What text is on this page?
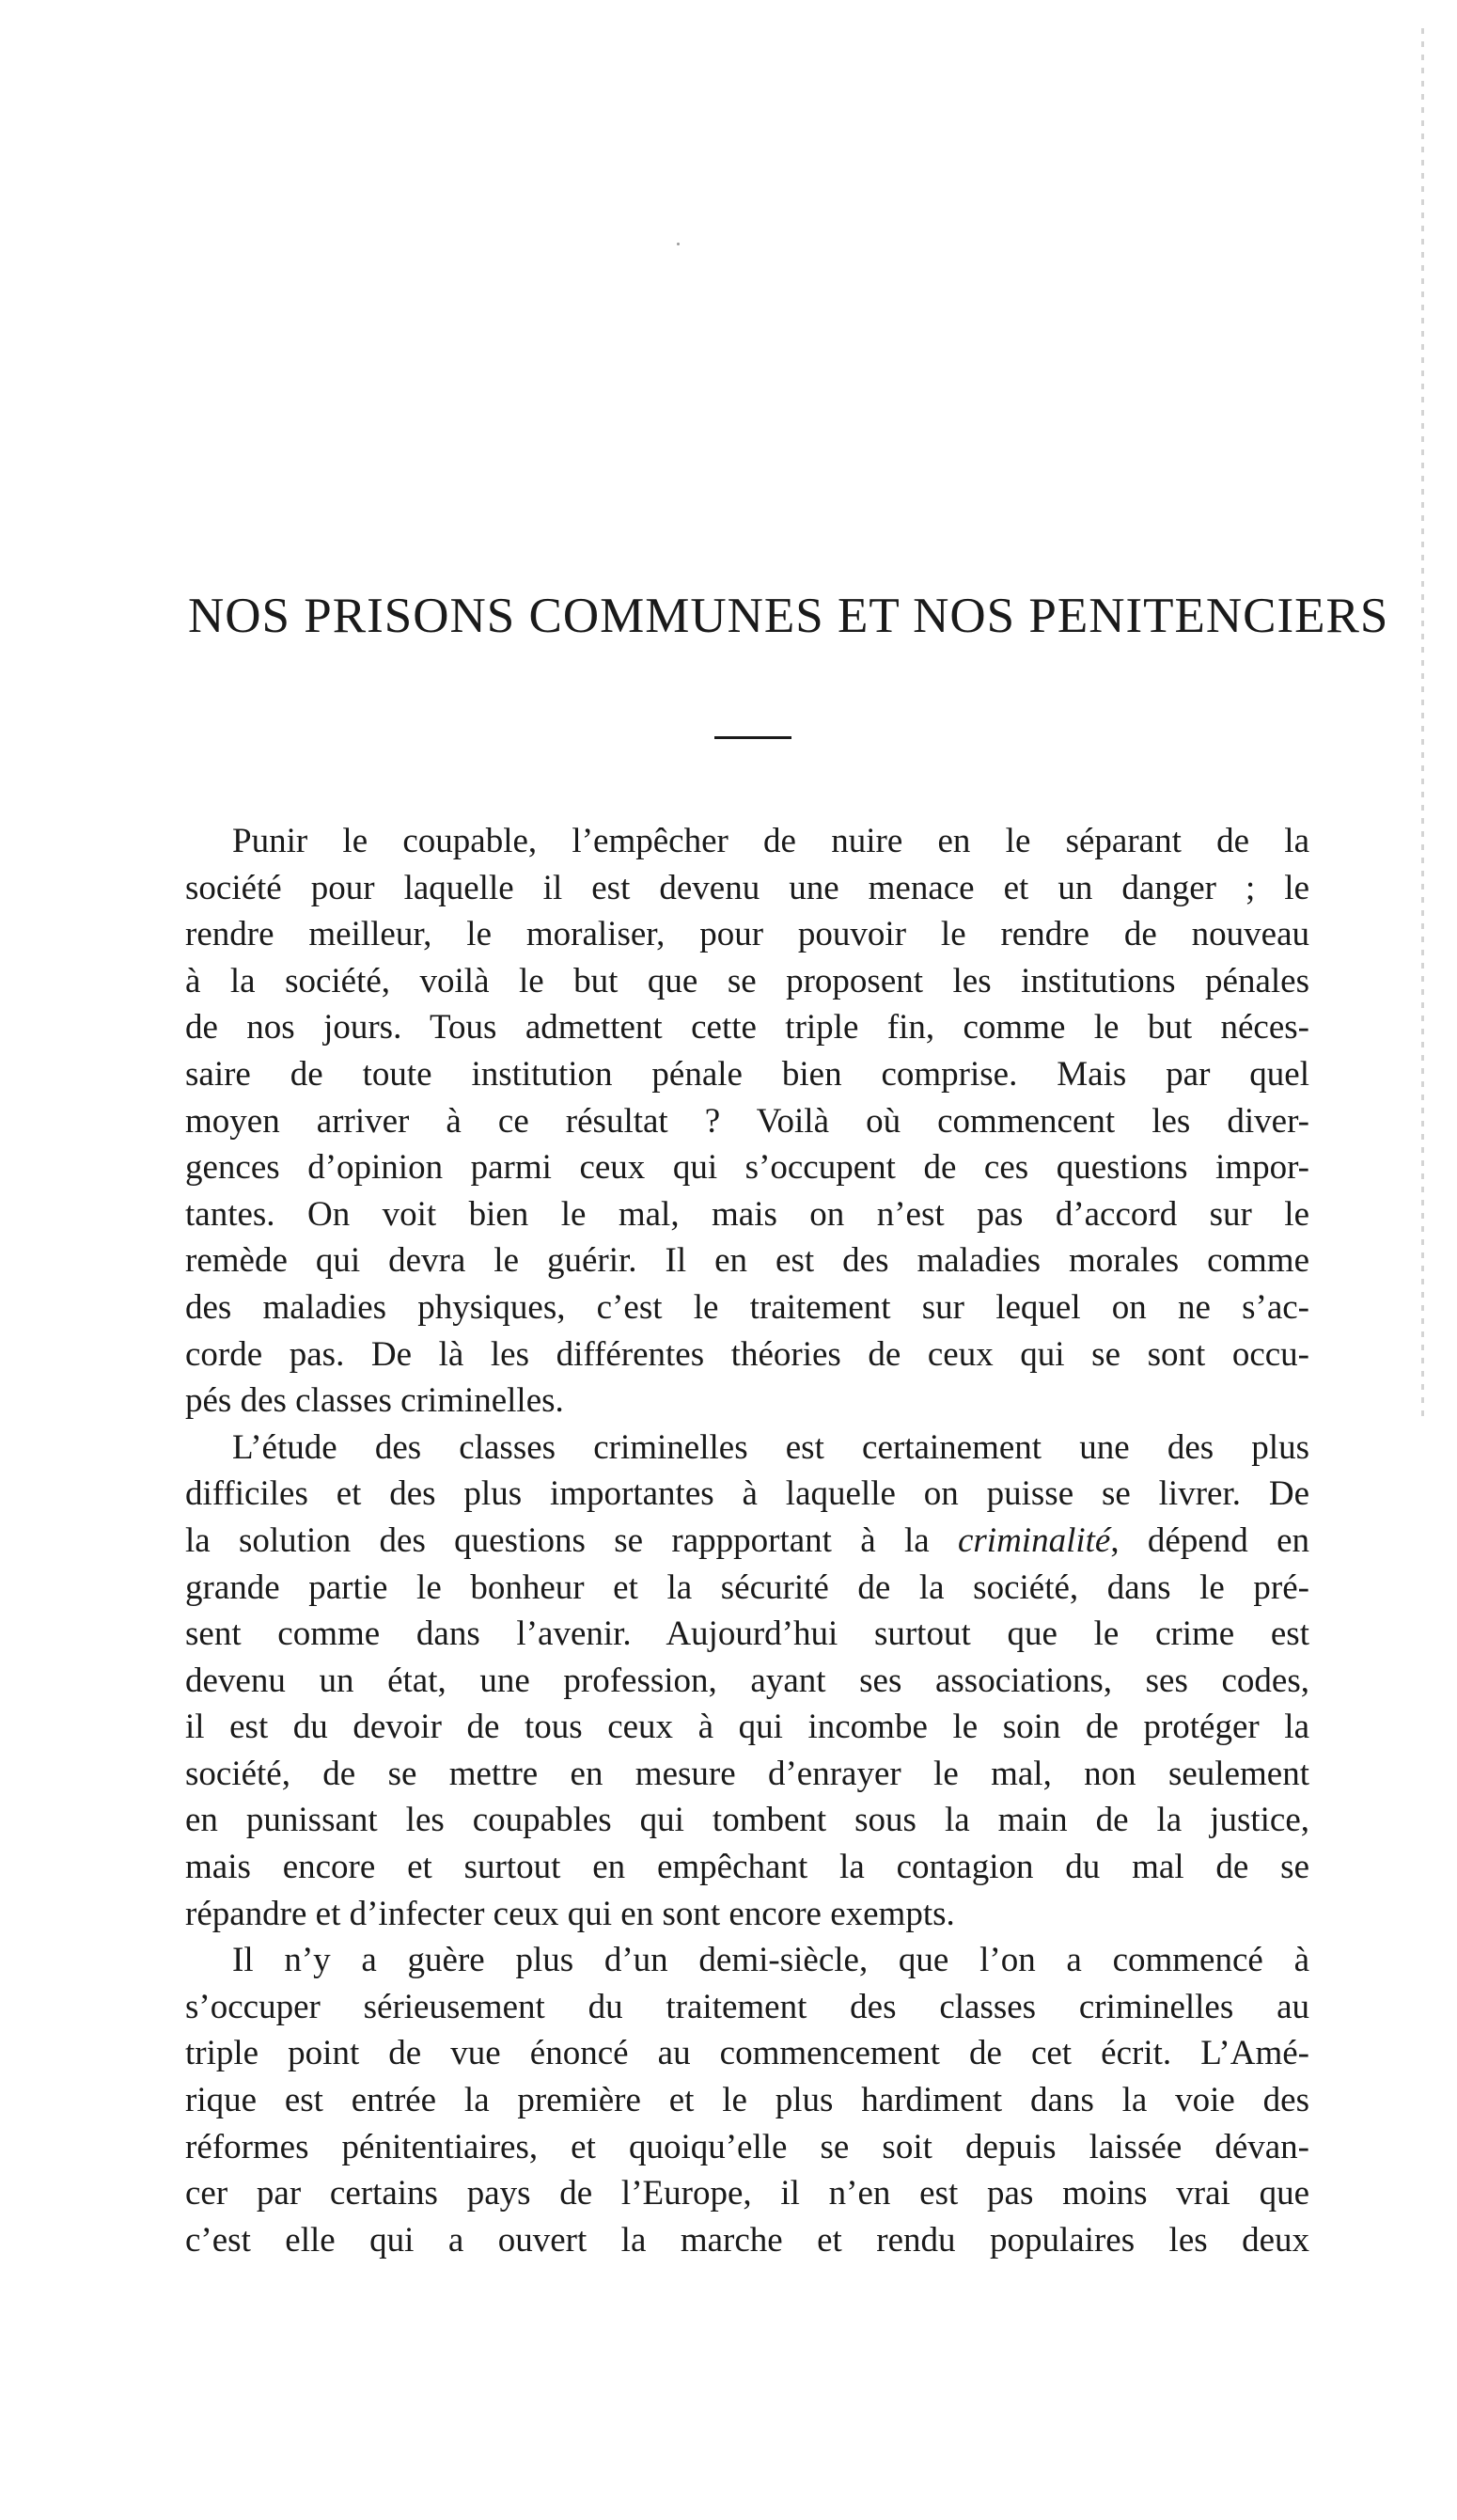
NOS PRISONS COMMUNES ET NOS PENITENCIERS
Punir le coupable, l’empêcher de nuire en le séparant de la
société pour laquelle il est devenu une menace et un danger ; le
rendre meilleur, le moraliser, pour pouvoir le rendre de nouveau
à la société, voilà le but que se proposent les institutions pénales
de nos jours. Tous admettent cette triple fin, comme le but néces-
saire de toute institution pénale bien comprise. Mais par quel
moyen arriver à ce résultat ? Voilà où commencent les diver-
gences d’opinion parmi ceux qui s’occupent de ces questions impor-
tantes. On voit bien le mal, mais on n’est pas d’accord sur le
remède qui devra le guérir. Il en est des maladies morales comme
des maladies physiques, c’est le traitement sur lequel on ne s’ac-
corde pas. De là les différentes théories de ceux qui se sont occu-
pés des classes criminelles.
L’étude des classes criminelles est certainement une des plus
difficiles et des plus importantes à laquelle on puisse se livrer. De
la solution des questions se rappportant à la criminalité, dépend en
grande partie le bonheur et la sécurité de la société, dans le pré-
sent comme dans l’avenir. Aujourd’hui surtout que le crime est
devenu un état, une profession, ayant ses associations, ses codes,
il est du devoir de tous ceux à qui incombe le soin de protéger la
société, de se mettre en mesure d’enrayer le mal, non seulement
en punissant les coupables qui tombent sous la main de la justice,
mais encore et surtout en empêchant la contagion du mal de se
répandre et d’infecter ceux qui en sont encore exempts.
Il n’y a guère plus d’un demi-siècle, que l’on a commencé à
s’occuper sérieusement du traitement des classes criminelles au
triple point de vue énoncé au commencement de cet écrit. L’Amé-
rique est entrée la première et le plus hardiment dans la voie des
réformes pénitentiaires, et quoiqu’elle se soit depuis laissée dévan-
cer par certains pays de l’Europe, il n’en est pas moins vrai que
c’est elle qui a ouvert la marche et rendu populaires les deux
